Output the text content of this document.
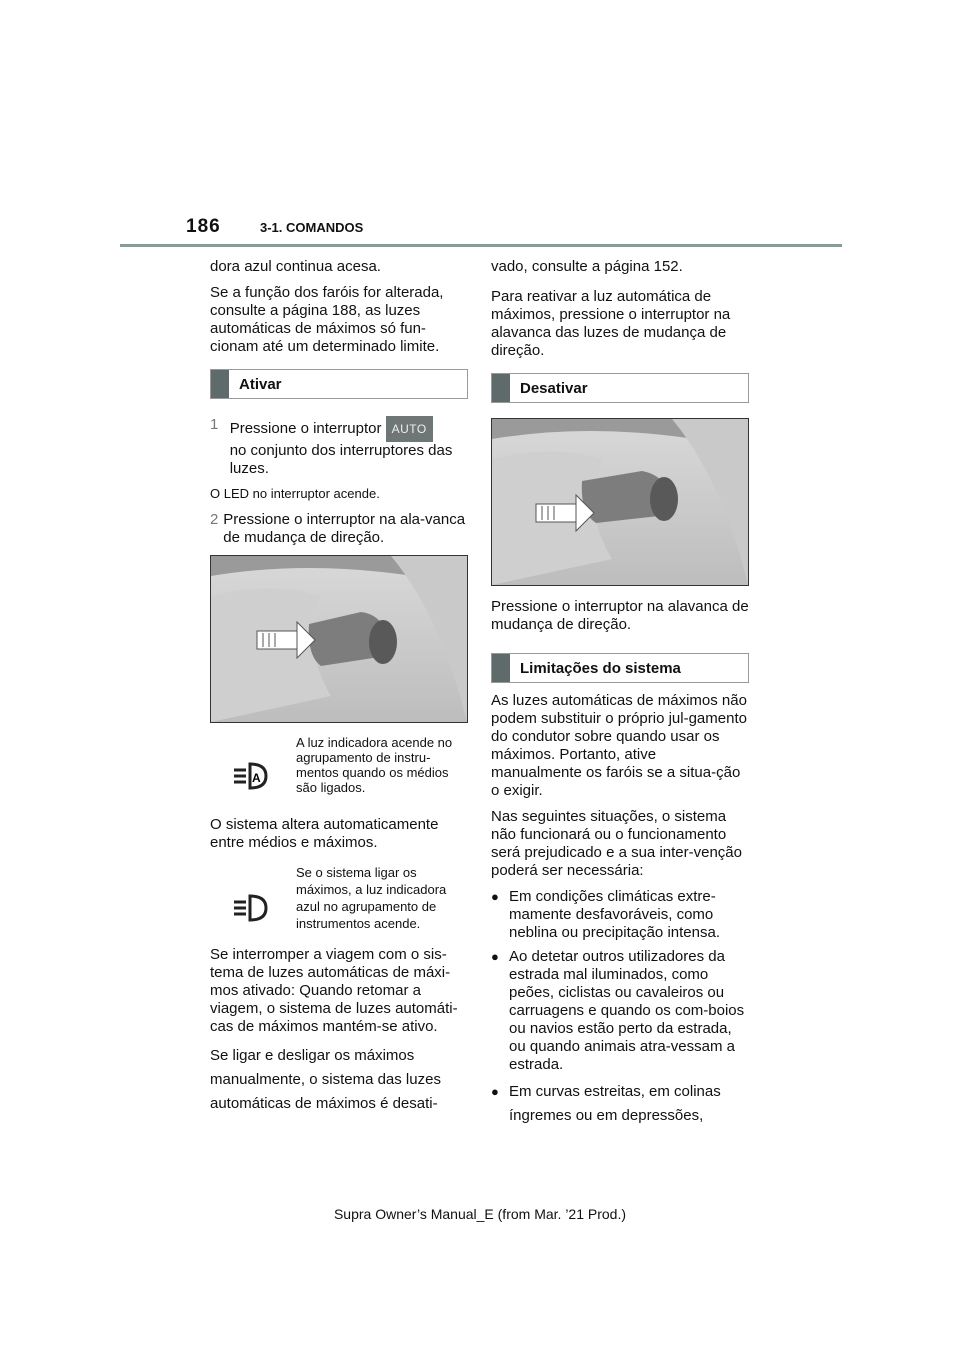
186	3-1. COMANDOS

dora azul continua acesa.

Se a função dos faróis for alterada, consulte a página 188, as luzes automáticas de máximos só fun-cionam até um determinado limite.

Ativar
1 Pressione o interruptor AUTO
no conjunto dos interruptores das luzes.
O LED no interruptor acende.
2 Pressione o interruptor na ala-vanca de mudança de direção.
A
A luz indicadora acende no agrupamento de instru-mentos quando os médios são ligados.
O sistema altera automaticamente entre médios e máximos.
Se o sistema ligar os máximos, a luz indicadora azul no agrupamento de instrumentos acende.

Se interromper a viagem com o sis-tema de luzes automáticas de máxi-mos ativado: Quando retomar a viagem, o sistema de luzes automáti-cas de máximos mantém-se ativo.

Se ligar e desligar os máximos
manualmente, o sistema das luzes
automáticas de máximos é desati-

vado, consulte a página 152.

Para reativar a luz automática de máximos, pressione o interruptor na alavanca das luzes de mudança de direção.

Desativar
Pressione o interruptor na alavanca de mudança de direção.
Limitações do sistema

As luzes automáticas de máximos não podem substituir o próprio jul-gamento do condutor sobre quando usar os máximos. Portanto, ative manualmente os faróis se a situa-ção o exigir.

Nas seguintes situações, o sistema não funcionará ou o funcionamento será prejudicado e a sua inter-venção poderá ser necessária:

● Em condições climáticas extre-mamente desfavoráveis, como neblina ou precipitação intensa.
● Ao detetar outros utilizadores da estrada mal iluminados, como peões, ciclistas ou cavaleiros ou carruagens e quando os com-boios ou navios estão perto da estrada, ou quando animais atra-vessam a estrada.
● Em curvas estreitas, em colinas
íngremes ou em depressões,
Supra Owner’s Manual_E (from Mar. ’21 Prod.)
